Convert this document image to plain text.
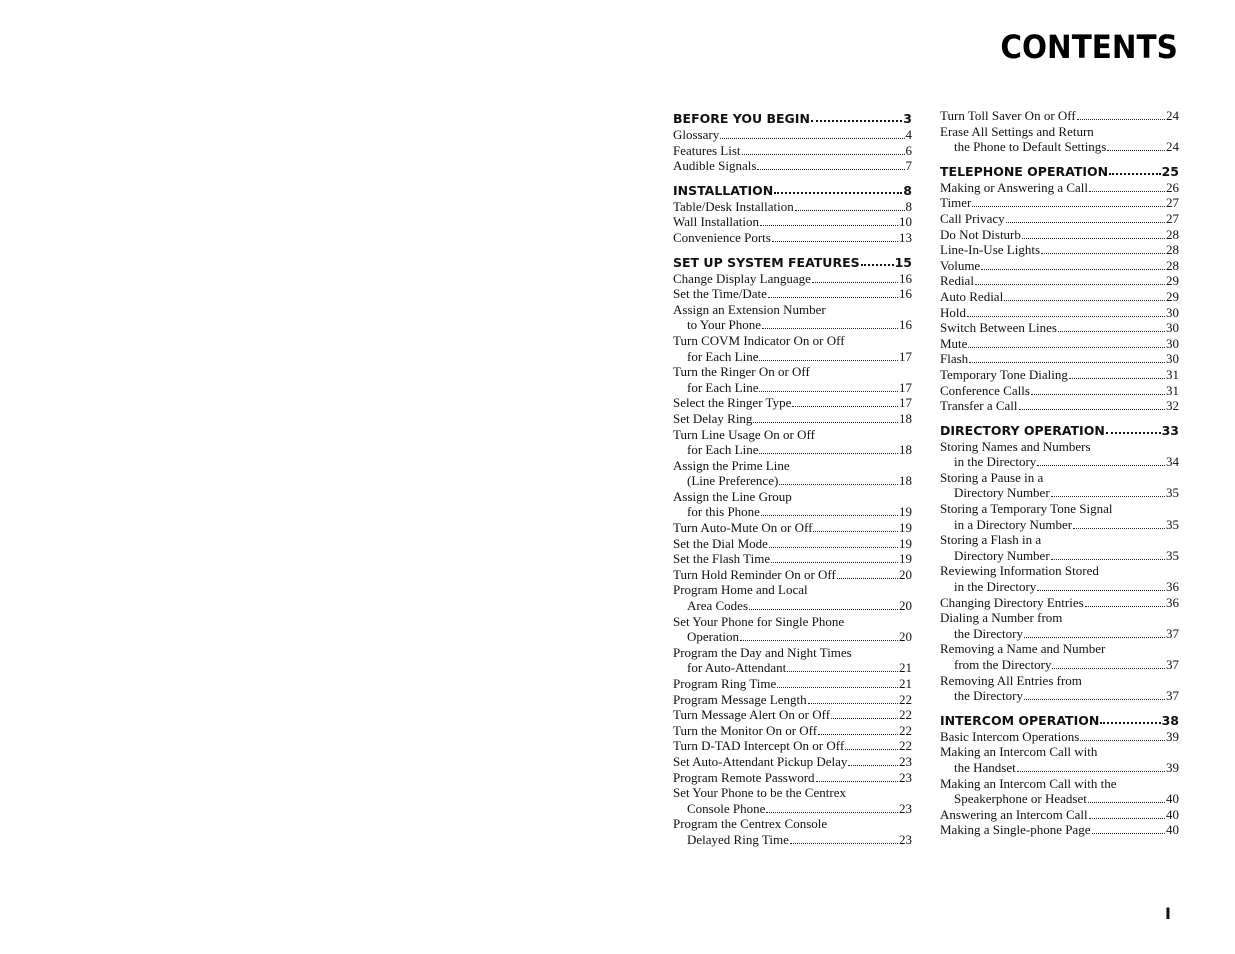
CONTENTS
BEFORE YOU BEGIN	3
Glossary	4
Features List	6
Audible Signals	7
INSTALLATION	8
Table/Desk Installation	8
Wall Installation	10
Convenience Ports	13
SET UP SYSTEM FEATURES	15
Change Display Language	16
Set the Time/Date	16
Assign an Extension Number
to Your Phone	16
Turn COVM Indicator On or Off
for Each Line	17
Turn the Ringer On or Off
for Each Line	17
Select the Ringer Type	17
Set Delay Ring	18
Turn Line Usage On or Off
for Each Line	18
Assign the Prime Line
(Line Preference)	18
Assign the Line Group
for this Phone	19
Turn Auto-Mute On or Off	19
Set the Dial Mode	19
Set the Flash Time	19
Turn Hold Reminder On or Off	20
Program Home and Local
Area Codes	20
Set Your Phone for Single Phone
Operation	20
Program the Day and Night Times
for Auto-Attendant	21
Program Ring Time	21
Program Message Length	22
Turn Message Alert On or Off	22
Turn the Monitor On or Off	22
Turn D-TAD Intercept On or Off	22
Set Auto-Attendant Pickup Delay	23
Program Remote Password	23
Set Your Phone to be the Centrex
Console Phone	23
Program the Centrex Console
Delayed Ring Time	23
Turn Toll Saver On or Off	24
Erase All Settings and Return
the Phone to Default Settings	24
TELEPHONE OPERATION	25
Making or Answering a Call	26
Timer	27
Call Privacy	27
Do Not Disturb	28
Line-In-Use Lights	28
Volume	28
Redial	29
Auto Redial	29
Hold	30
Switch Between Lines	30
Mute	30
Flash	30
Temporary Tone Dialing	31
Conference Calls	31
Transfer a Call	32
DIRECTORY OPERATION	33
Storing Names and Numbers
in the Directory	34
Storing a Pause in a
Directory Number	35
Storing a Temporary Tone Signal
in a Directory Number	35
Storing a Flash in a
Directory Number	35
Reviewing Information Stored
in the Directory	36
Changing Directory Entries	36
Dialing a Number from
the Directory	37
Removing a Name and Number
from the Directory	37
Removing All Entries from
the Directory	37
INTERCOM OPERATION	38
Basic Intercom Operations	39
Making an Intercom Call with
the Handset	39
Making an Intercom Call with the
Speakerphone or Headset	40
Answering an Intercom Call	40
Making a Single-phone Page	40
I
